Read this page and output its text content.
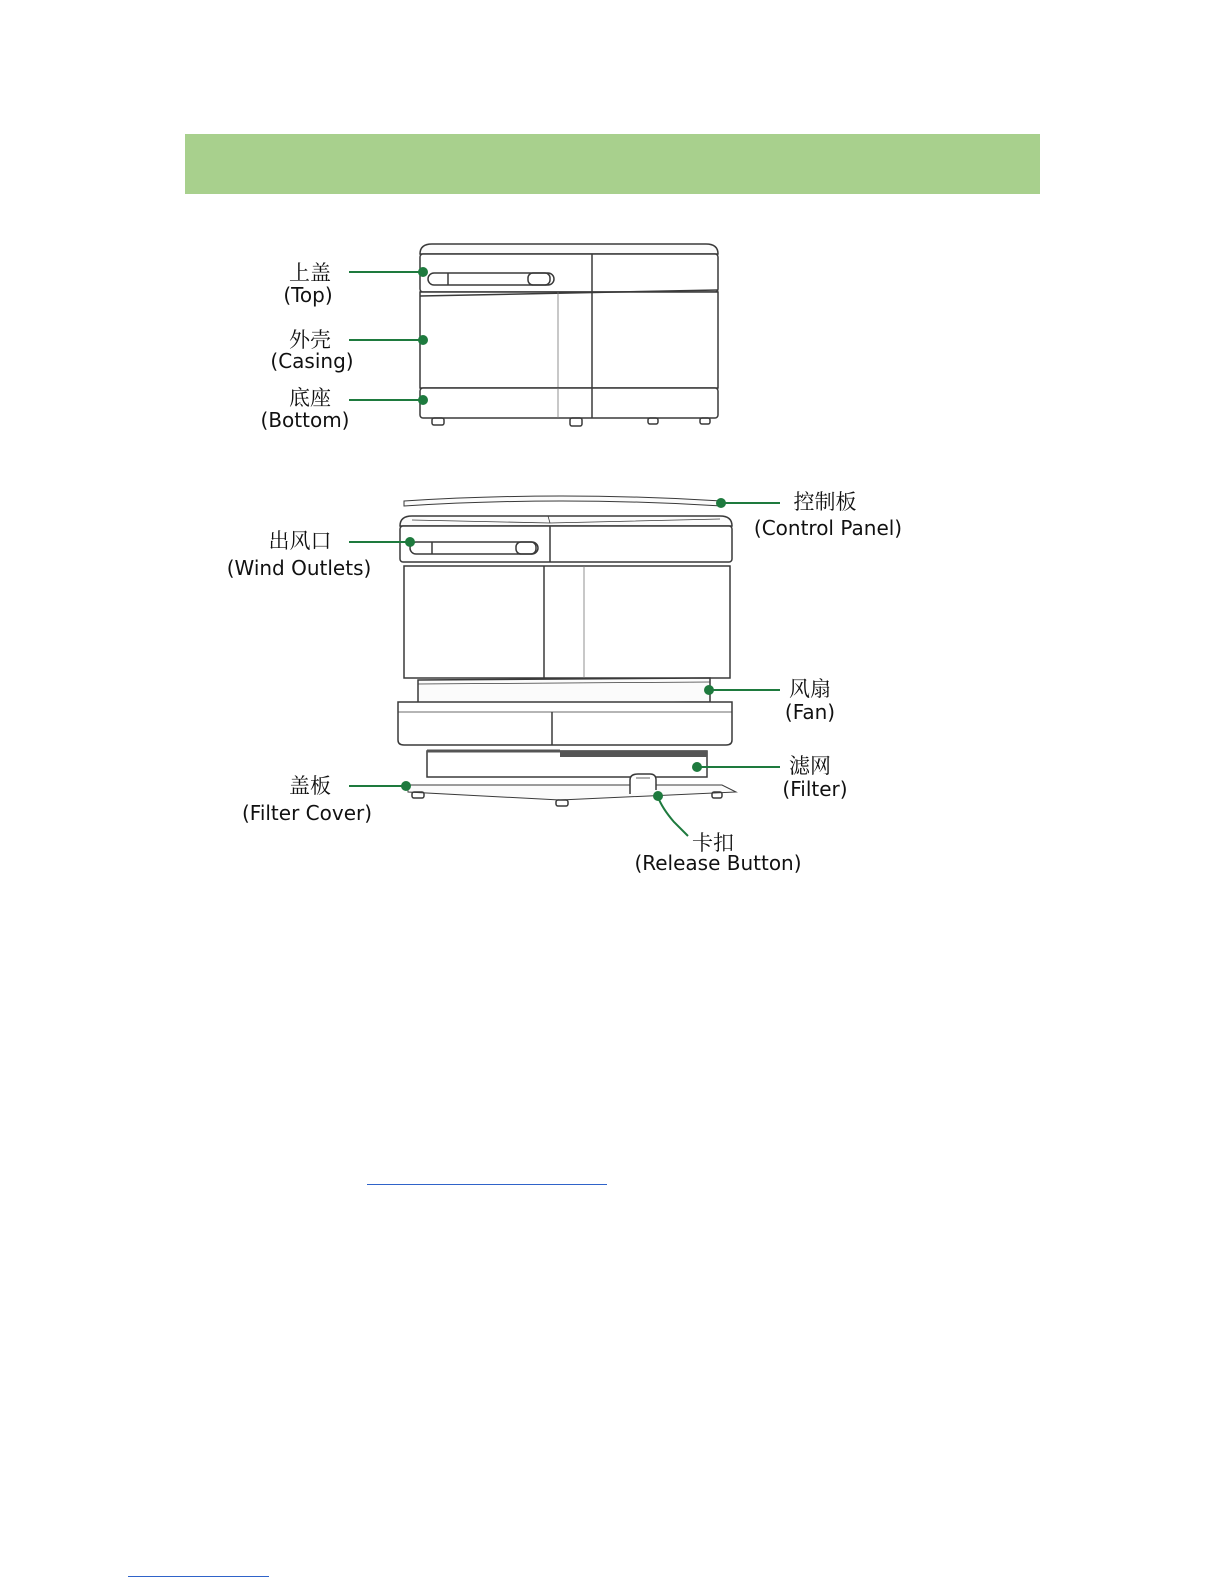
上盖
(Top)
外壳
(Casing)
底座
(Bottom)
控制板
(Control Panel)
出风口
(Wind Outlets)
风扇
(Fan)
滤网
(Filter)
盖板
(Filter Cover)
卡扣
(Release Button)
